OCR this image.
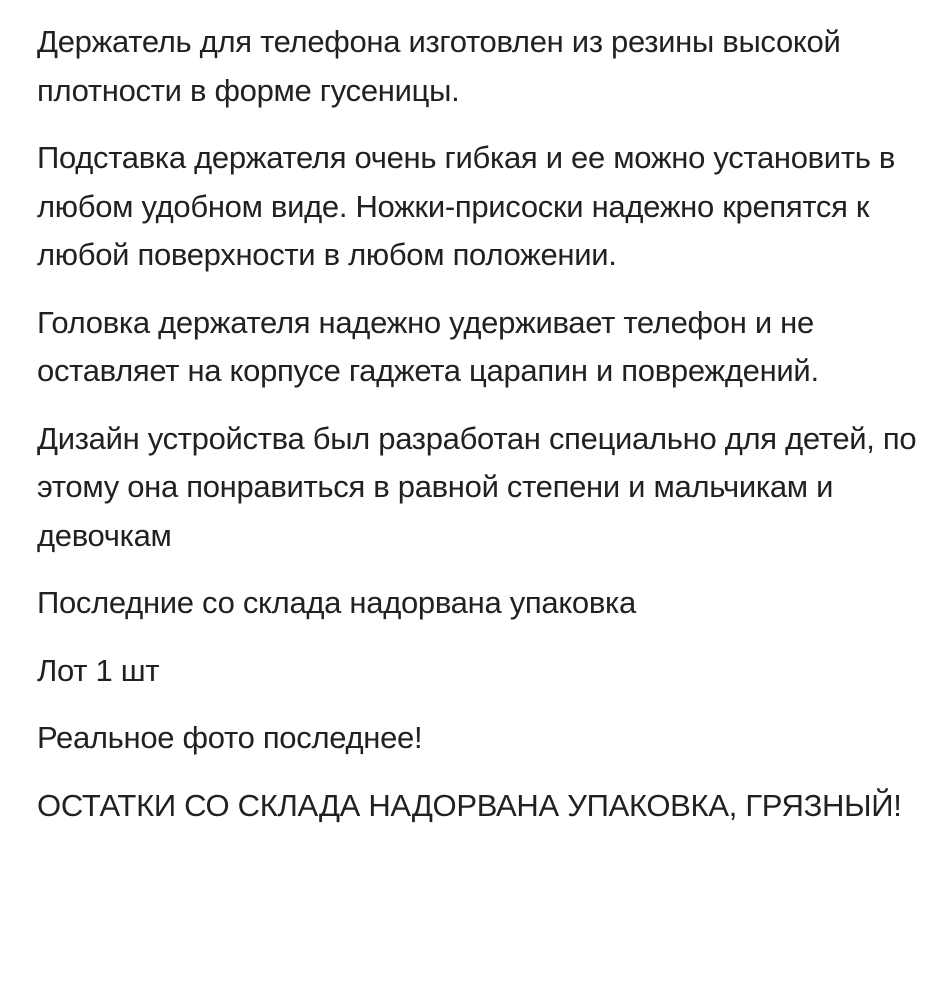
Держатель для телефона изготовлен из резины высокой плотности в форме гусеницы.

Подставка держателя очень гибкая и ее можно установить в любом удобном виде. Ножки-присоски надежно крепятся к любой поверхности в любом положении.

Головка держателя надежно удерживает телефон и не оставляет на корпусе гаджета царапин и повреждений.

Дизайн устройства был разработан специально для детей, по этому она понравиться в равной степени и мальчикам и девочкам

Последние со склада надорвана упаковка

Лот 1 шт

Реальное фото последнее!

ОСТАТКИ СО СКЛАДА НАДОРВАНА УПАКОВКА, ГРЯЗНЫЙ!
